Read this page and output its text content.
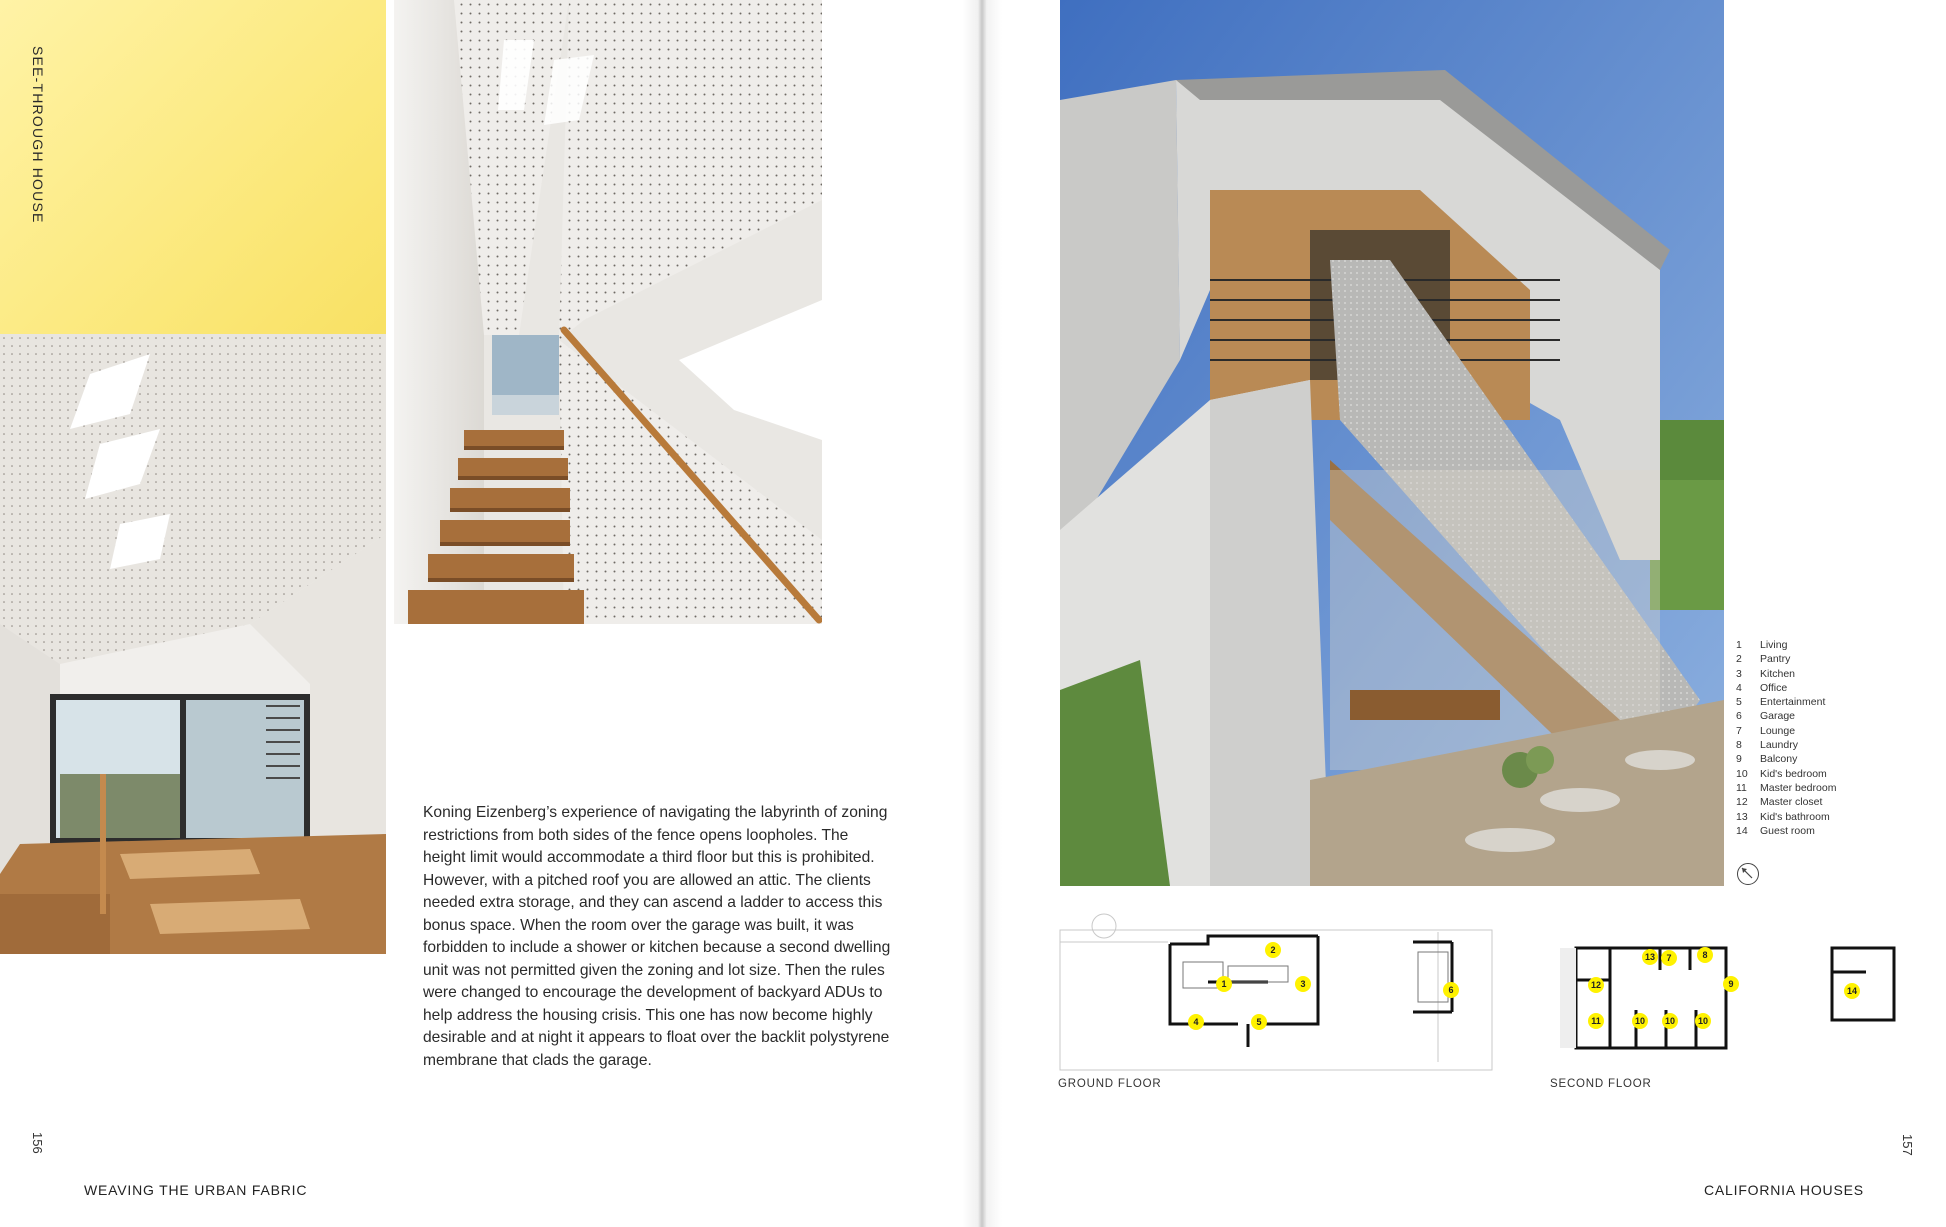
SEE-THROUGH HOUSE

Koning Eizenberg’s experience of navigating the labyrinth of zoning restrictions from both sides of the fence opens loopholes. The height limit would accommodate a third floor but this is prohibited. However, with a pitched roof you are allowed an attic. The clients needed extra storage, and they can ascend a ladder to access this bonus space. When the room over the garage was built, it was forbidden to include a shower or kitchen because a second dwelling unit was not permitted given the zoning and lot size. Then the rules were changed to encourage the development of backyard ADUs to help address the housing crisis. This one has now become highly desirable and at night it appears to float over the backlit polystyrene membrane that clads the garage.

156
WEAVING THE URBAN FABRIC
1	Living
2	Pantry
3	Kitchen
4	Office
5	Entertainment
6	Garage
7	Lounge
8	Laundry
9	Balcony
10	Kid's bedroom
11	Master bedroom
12	Master closet
13	Kid's bathroom
14	Guest room
GROUND FLOOR	SECOND FLOOR
157
CALIFORNIA HOUSES
1
2
3
4	5
6
7	8
9
10	10	10
11
12
13
14
